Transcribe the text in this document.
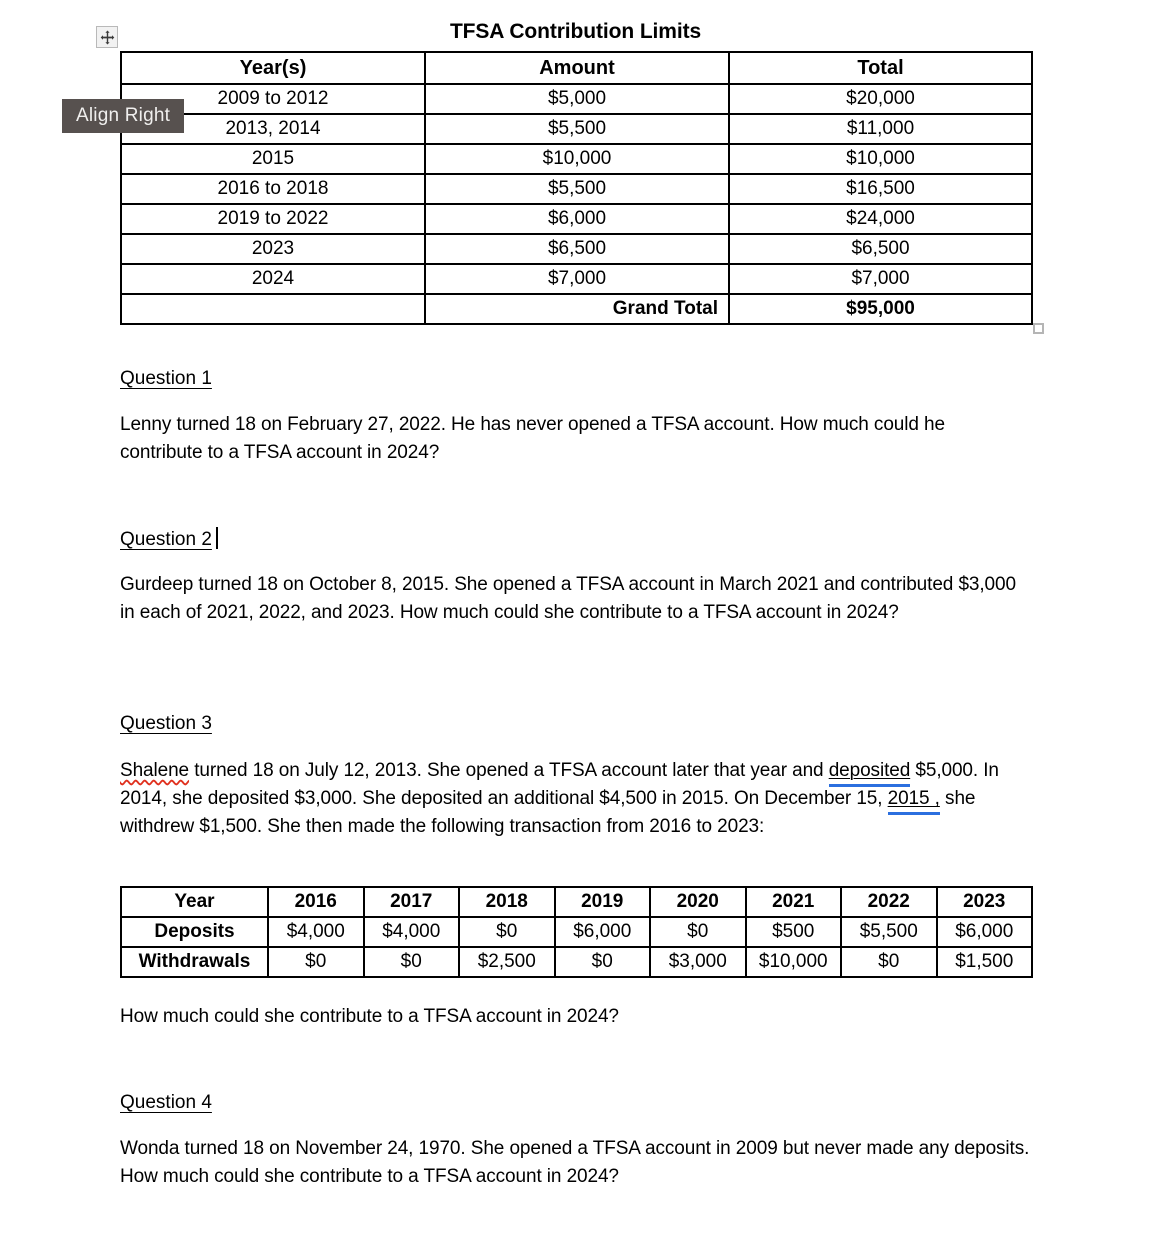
Align Right
TFSA Contribution Limits
Year(s)	Amount	Total
2009 to 2012	$5,000	$20,000
2013, 2014	$5,500	$11,000
2015	$10,000	$10,000
2016 to 2018	$5,500	$16,500
2019 to 2022	$6,000	$24,000
2023	$6,500	$6,500
2024	$7,000	$7,000
	Grand Total	$95,000
Question 1
Lenny turned 18 on February 27, 2022. He has never opened a TFSA account. How much could he contribute to a TFSA account in 2024?
Question 2
Gurdeep turned 18 on October 8, 2015. She opened a TFSA account in March 2021 and contributed $3,000 in each of 2021, 2022, and 2023. How much could she contribute to a TFSA account in 2024?
Question 3
Shalene turned 18 on July 12, 2013. She opened a TFSA account later that year and deposited $5,000. In 2014, she deposited $3,000. She deposited an additional $4,500 in 2015. On December 15, 2015 , she withdrew $1,500. She then made the following transaction from 2016 to 2023:
Year	2016	2017	2018	2019	2020	2021	2022	2023
Deposits	$4,000	$4,000	$0	$6,000	$0	$500	$5,500	$6,000
Withdrawals	$0	$0	$2,500	$0	$3,000	$10,000	$0	$1,500
How much could she contribute to a TFSA account in 2024?
Question 4
Wonda turned 18 on November 24, 1970. She opened a TFSA account in 2009 but never made any deposits. How much could she contribute to a TFSA account in 2024?
